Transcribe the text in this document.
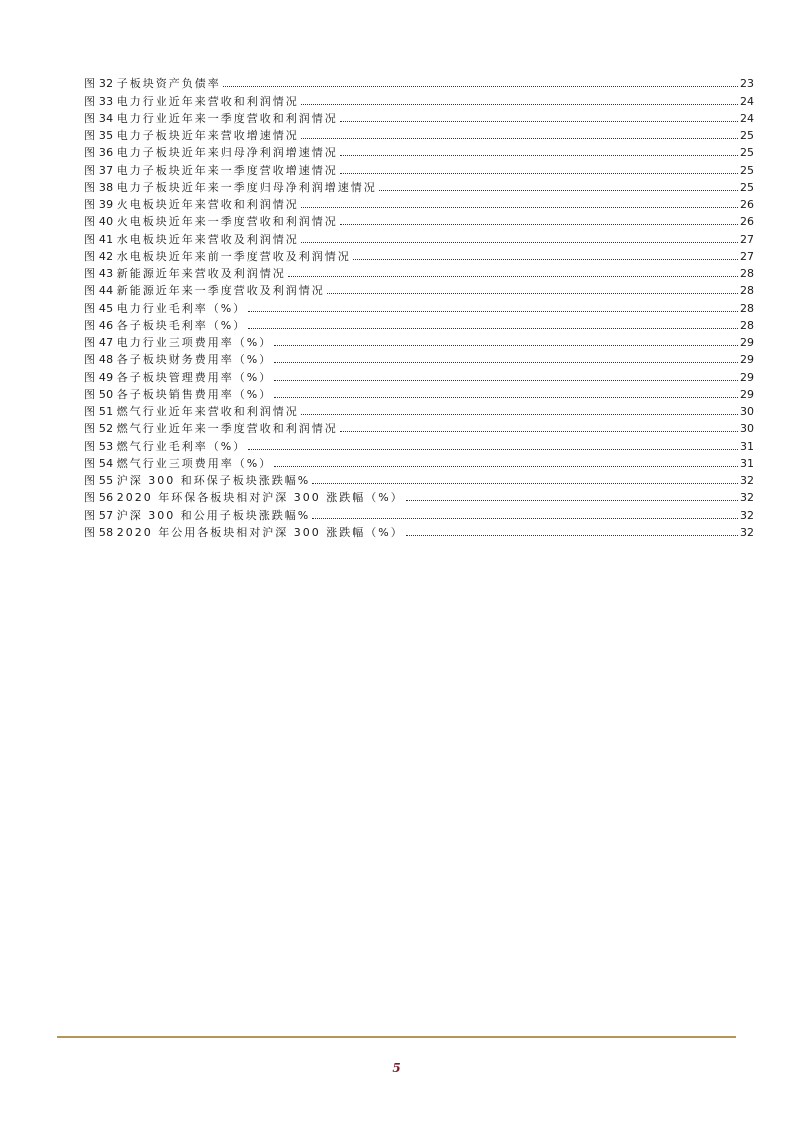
图 32 子板块资产负债率	23
图 33 电力行业近年来营收和利润情况	24
图 34 电力行业近年来一季度营收和利润情况	24
图 35 电力子板块近年来营收增速情况	25
图 36 电力子板块近年来归母净利润增速情况	25
图 37 电力子板块近年来一季度营收增速情况	25
图 38 电力子板块近年来一季度归母净利润增速情况	25
图 39 火电板块近年来营收和利润情况	26
图 40 火电板块近年来一季度营收和利润情况	26
图 41 水电板块近年来营收及利润情况	27
图 42 水电板块近年来前一季度营收及利润情况	27
图 43 新能源近年来营收及利润情况	28
图 44 新能源近年来一季度营收及利润情况	28
图 45 电力行业毛利率（%）	28
图 46 各子板块毛利率（%）	28
图 47 电力行业三项费用率（%）	29
图 48 各子板块财务费用率（%）	29
图 49 各子板块管理费用率（%）	29
图 50 各子板块销售费用率（%）	29
图 51 燃气行业近年来营收和利润情况	30
图 52 燃气行业近年来一季度营收和利润情况	30
图 53 燃气行业毛利率（%）	31
图 54 燃气行业三项费用率（%）	31
图 55 沪深 300 和环保子板块涨跌幅%	32
图 56 2020 年环保各板块相对沪深 300 涨跌幅（%）	32
图 57 沪深 300 和公用子板块涨跌幅%	32
图 58 2020 年公用各板块相对沪深 300 涨跌幅（%）	32
5
